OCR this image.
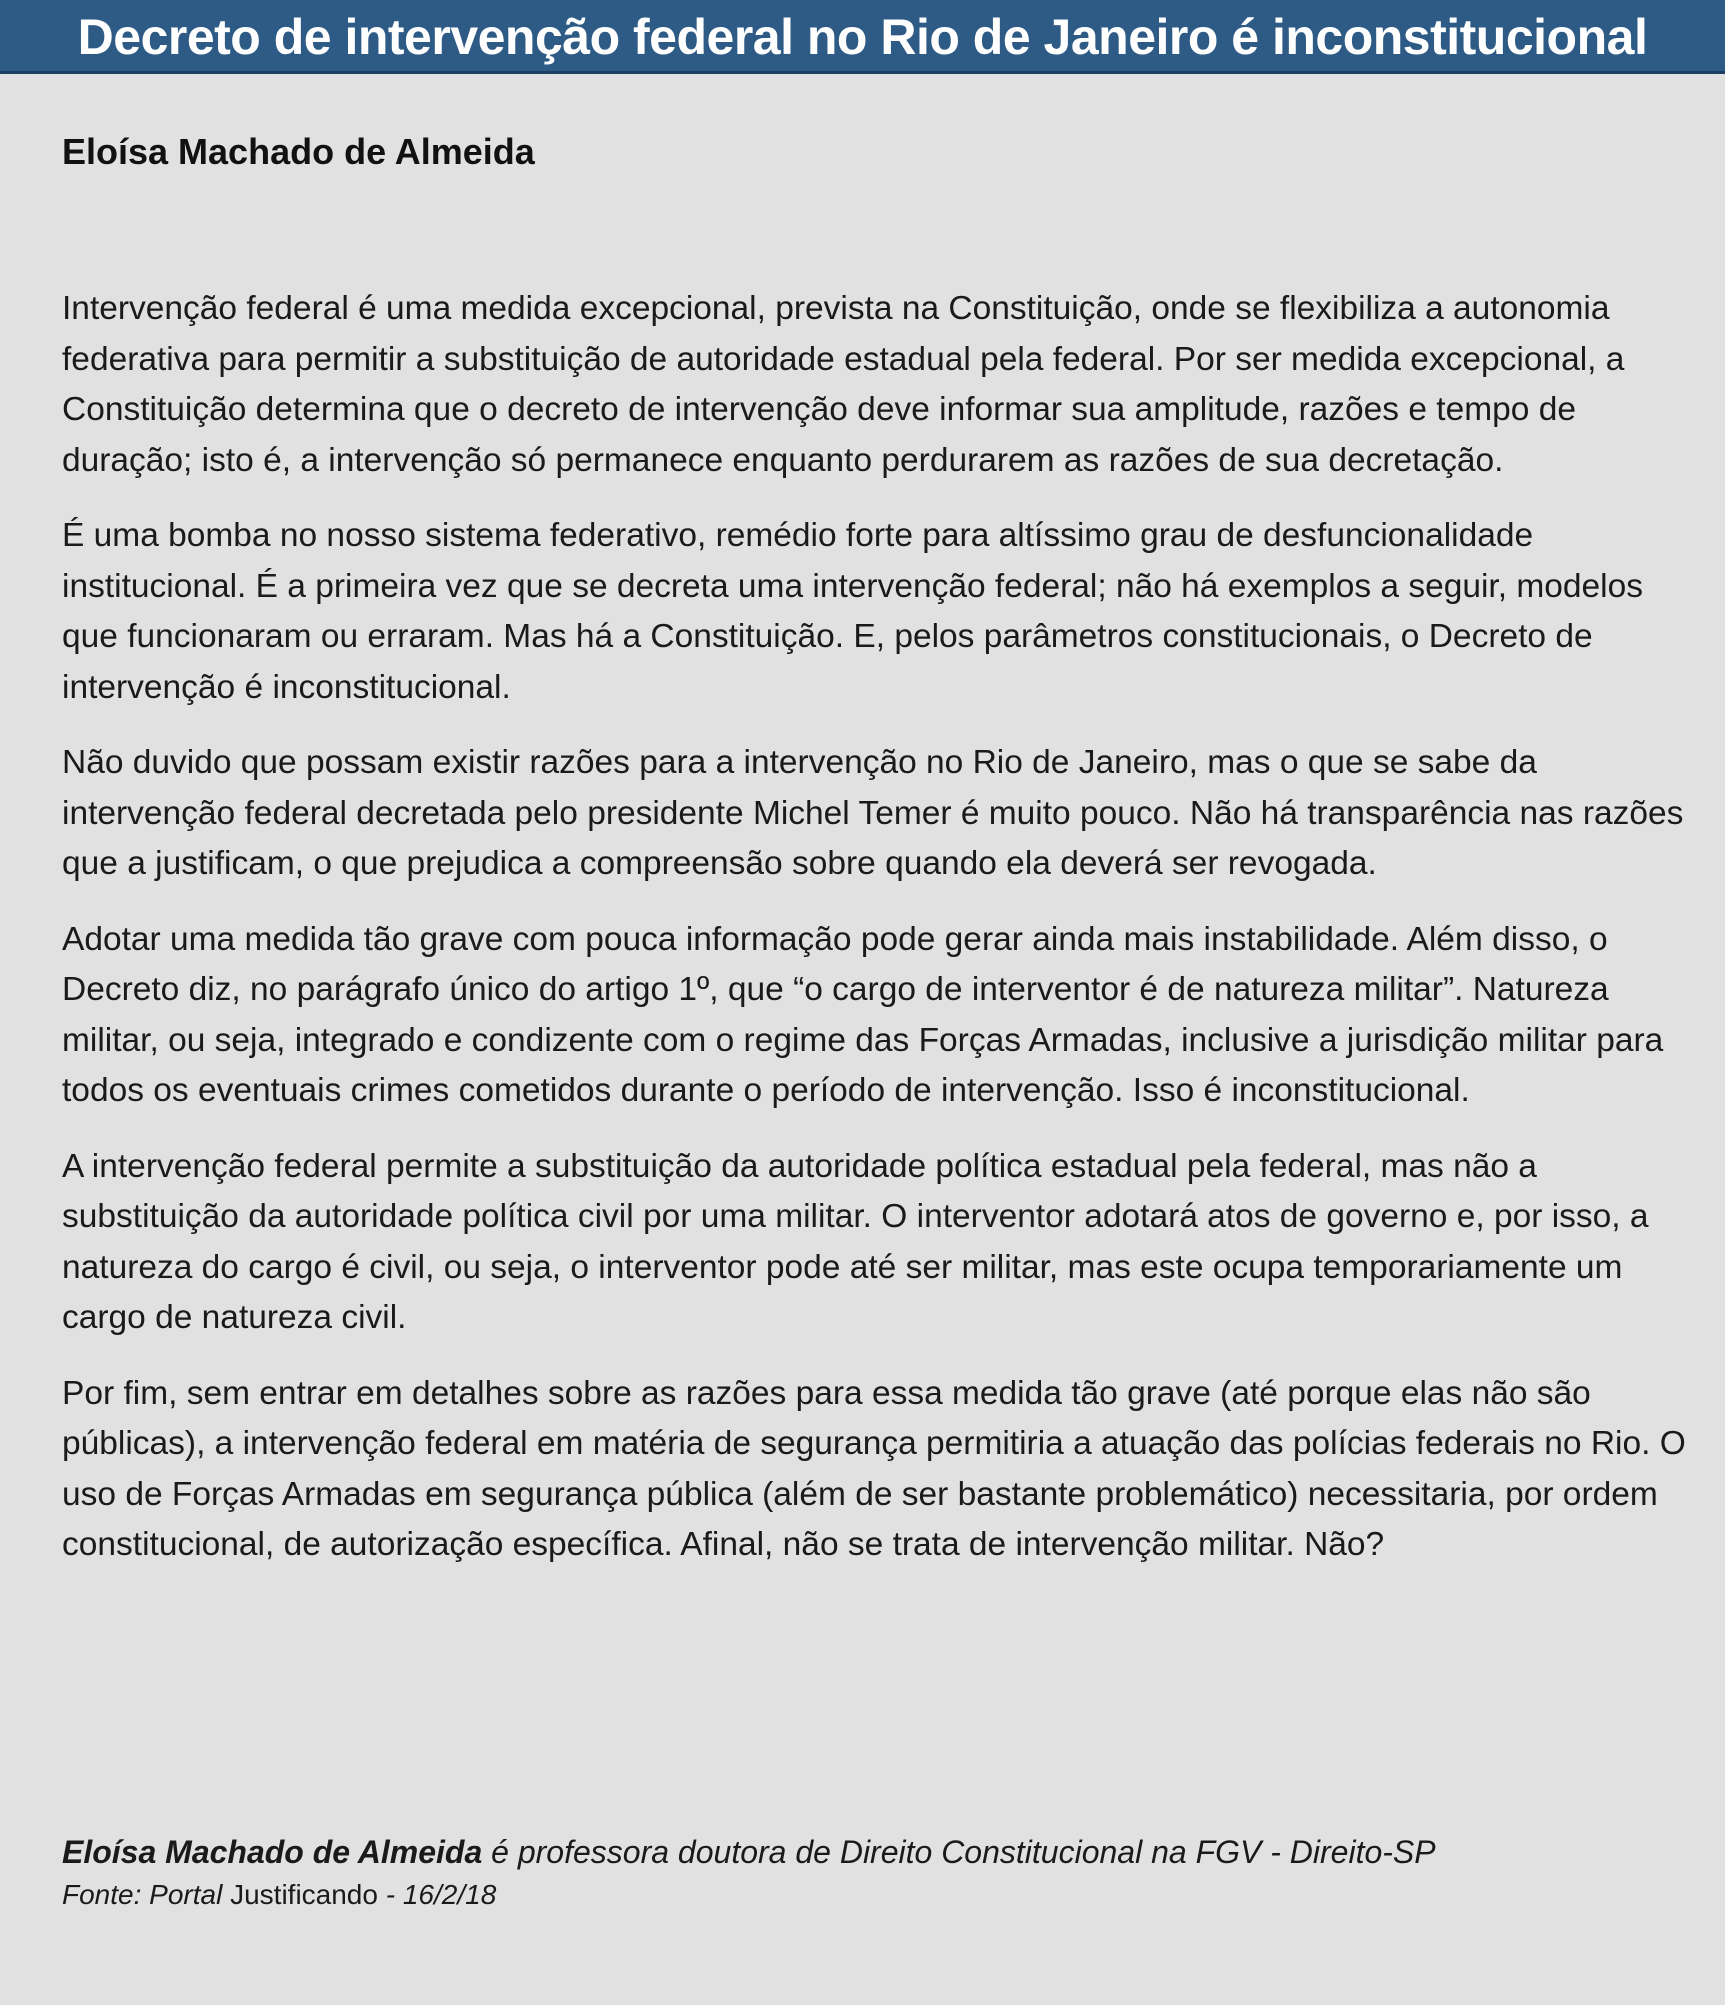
Decreto de intervenção federal no Rio de Janeiro é inconstitucional
Eloísa Machado de Almeida

Intervenção federal é uma medida excepcional, prevista na Constituição, onde se flexibiliza a autonomia federativa para permitir a substituição de autoridade estadual pela federal. Por ser medida excepcional, a Constituição determina que o decreto de intervenção deve informar sua amplitude, razões e tempo de duração; isto é, a intervenção só permanece enquanto perdurarem as razões de sua decretação.

É uma bomba no nosso sistema federativo, remédio forte para altíssimo grau de desfuncionalidade institucional. É a primeira vez que se decreta uma intervenção federal; não há exemplos a seguir, modelos que funcionaram ou erraram. Mas há a Constituição. E, pelos parâmetros constitucionais, o Decreto de intervenção é inconstitucional.

Não duvido que possam existir razões para a intervenção no Rio de Janeiro, mas o que se sabe da intervenção federal decretada pelo presidente Michel Temer é muito pouco. Não há transparência nas razões que a justificam, o que prejudica a compreensão sobre quando ela deverá ser revogada.

Adotar uma medida tão grave com pouca informação pode gerar ainda mais instabilidade. Além disso, o Decreto diz, no parágrafo único do artigo 1º, que “o cargo de interventor é de natureza militar”. Natureza militar, ou seja, integrado e condizente com o regime das Forças Armadas, inclusive a jurisdição militar para todos os eventuais crimes cometidos durante o período de intervenção. Isso é inconstitucional.

A intervenção federal permite a substituição da autoridade política estadual pela federal, mas não a substituição da autoridade política civil por uma militar. O interventor adotará atos de governo e, por isso, a natureza do cargo é civil, ou seja, o interventor pode até ser militar, mas este ocupa temporariamente um cargo de natureza civil.

Por fim, sem entrar em detalhes sobre as razões para essa medida tão grave (até porque elas não são públicas), a intervenção federal em matéria de segurança permitiria a atuação das polícias federais no Rio. O uso de Forças Armadas em segurança pública (além de ser bastante problemático) necessitaria, por ordem constitucional, de autorização específica. Afinal, não se trata de intervenção militar. Não?

Eloísa Machado de Almeida é professora doutora de Direito Constitucional na FGV - Direito-SP
Fonte: Portal Justificando - 16/2/18
